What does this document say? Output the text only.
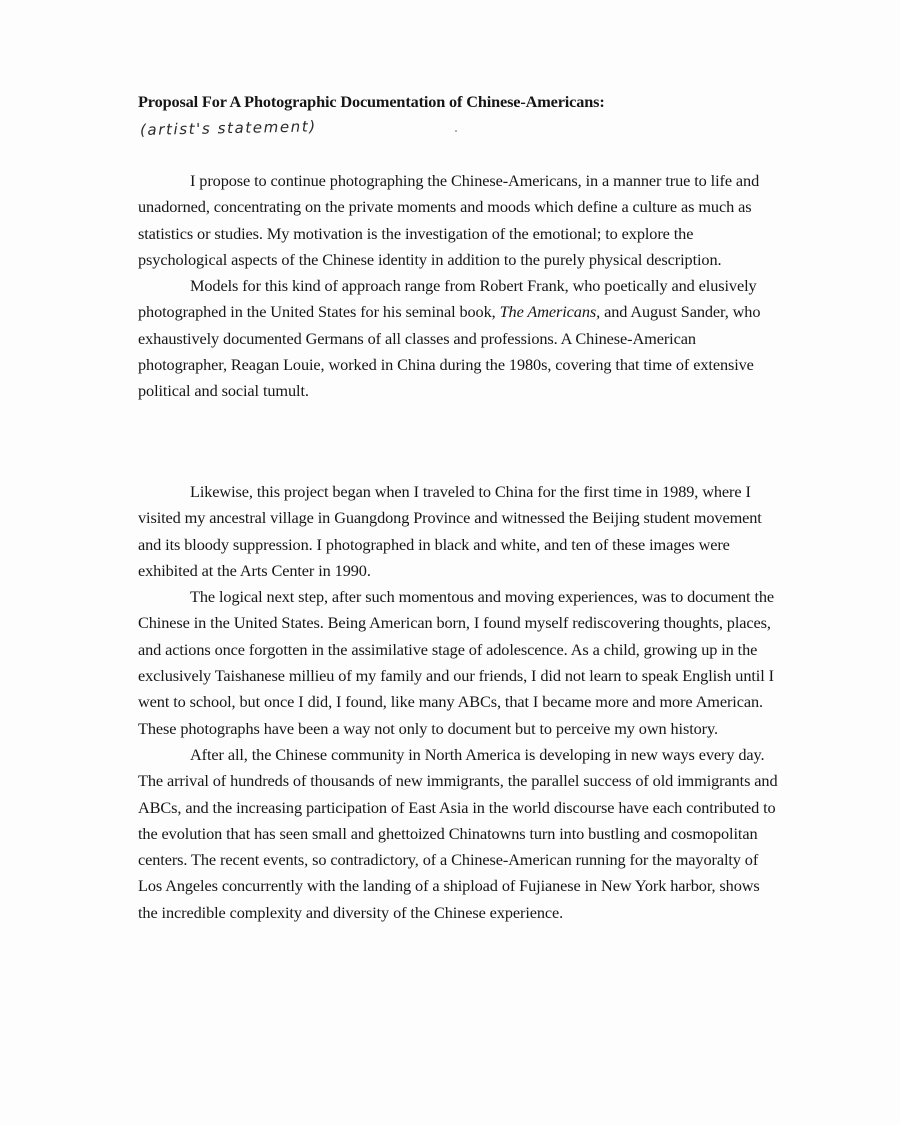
Proposal For A Photographic Documentation of Chinese-Americans:
(artist's statement)

I propose to continue photographing the Chinese-Americans, in a manner true to life and unadorned, concentrating on the private moments and moods which define a culture as much as statistics or studies. My motivation is the investigation of the emotional; to explore the psychological aspects of the Chinese identity in addition to the purely physical description.

Models for this kind of approach range from Robert Frank, who poetically and elusively photographed in the United States for his seminal book, The Americans, and August Sander, who exhaustively documented Germans of all classes and professions. A Chinese-American photographer, Reagan Louie, worked in China during the 1980s, covering that time of extensive political and social tumult.

Likewise, this project began when I traveled to China for the first time in 1989, where I visited my ancestral village in Guangdong Province and witnessed the Beijing student movement and its bloody suppression. I photographed in black and white, and ten of these images were exhibited at the Arts Center in 1990.

The logical next step, after such momentous and moving experiences, was to document the Chinese in the United States. Being American born, I found myself rediscovering thoughts, places, and actions once forgotten in the assimilative stage of adolescence. As a child, growing up in the exclusively Taishanese millieu of my family and our friends, I did not learn to speak English until I went to school, but once I did, I found, like many ABCs, that I became more and more American. These photographs have been a way not only to document but to perceive my own history.

After all, the Chinese community in North America is developing in new ways every day. The arrival of hundreds of thousands of new immigrants, the parallel success of old immigrants and ABCs, and the increasing participation of East Asia in the world discourse have each contributed to the evolution that has seen small and ghettoized Chinatowns turn into bustling and cosmopolitan centers. The recent events, so contradictory, of a Chinese-American running for the mayoralty of Los Angeles concurrently with the landing of a shipload of Fujianese in New York harbor, shows the incredible complexity and diversity of the Chinese experience.
